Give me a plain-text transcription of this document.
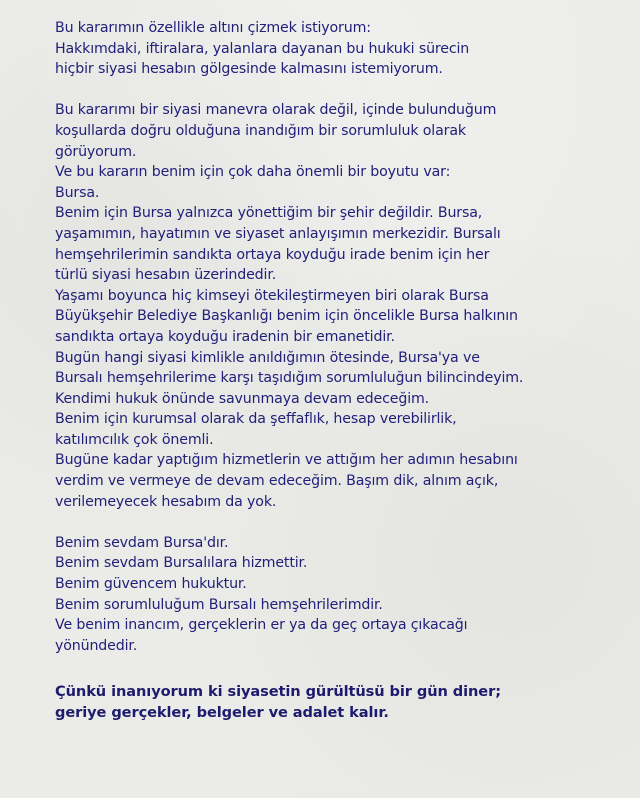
Bu kararımın özellikle altını çizmek istiyorum:
Hakkımdaki, iftiralara, yalanlara dayanan bu hukuki sürecin
hiçbir siyasi hesabın gölgesinde kalmasını istemiyorum.
Bu kararımı bir siyasi manevra olarak değil, içinde bulunduğum
koşullarda doğru olduğuna inandığım bir sorumluluk olarak
görüyorum.
Ve bu kararın benim için çok daha önemli bir boyutu var:
Bursa.
Benim için Bursa yalnızca yönettiğim bir şehir değildir. Bursa,
yaşamımın, hayatımın ve siyaset anlayışımın merkezidir. Bursalı
hemşehrilerimin sandıkta ortaya koyduğu irade benim için her
türlü siyasi hesabın üzerindedir.
Yaşamı boyunca hiç kimseyi ötekileştirmeyen biri olarak Bursa
Büyükşehir Belediye Başkanlığı benim için öncelikle Bursa halkının
sandıkta ortaya koyduğu iradenin bir emanetidir.
Bugün hangi siyasi kimlikle anıldığımın ötesinde, Bursa'ya ve
Bursalı hemşehrilerime karşı taşıdığım sorumluluğun bilincindeyim.
Kendimi hukuk önünde savunmaya devam edeceğim.
Benim için kurumsal olarak da şeffaflık, hesap verebilirlik,
katılımcılık çok önemli.
Bugüne kadar yaptığım hizmetlerin ve attığım her adımın hesabını
verdim ve vermeye de devam edeceğim. Başım dik, alnım açık,
verilemeyecek hesabım da yok.
Benim sevdam Bursa'dır.
Benim sevdam Bursalılara hizmettir.
Benim güvencem hukuktur.
Benim sorumluluğum Bursalı hemşehrilerimdir.
Ve benim inancım, gerçeklerin er ya da geç ortaya çıkacağı
yönündedir.
Çünkü inanıyorum ki siyasetin gürültüsü bir gün diner;
geriye gerçekler, belgeler ve adalet kalır.
